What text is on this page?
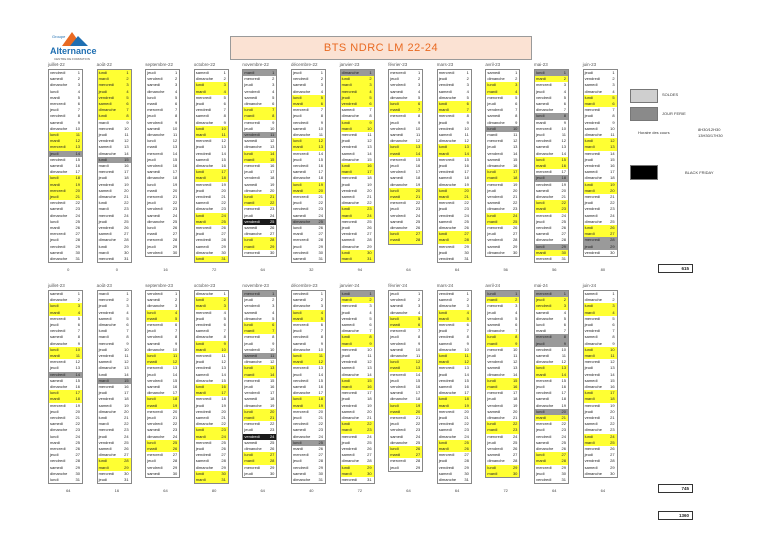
Groupe
Alternance
CENTRE DE FORMATION
BTS NDRC LM 22-24
juillet-22
vendredi	1
samedi	2
dimanche	3
lundi	4
mardi	5
mercredi	6
jeudi	7
vendredi	8
samedi	9
dimanche 10
lundi	11
mardi	12
mercredi 13
jeudi	14
vendredi	15
samedi	16
dimanche 17
lundi	18
mardi	19
mercredi 20
jeudi	21
vendredi	22
samedi	23
dimanche 24
lundi	25
mardi	26
mercredi 27
jeudi	28
vendredi	29
samedi	30
dimanche 31
0
août-22
lundi	1
mardi	2
mercredi	3
jeudi	4
vendredi	5
samedi	6
dimanche	7
lundi	8
mardi	9
mercredi 10
jeudi	11
vendredi	12
samedi	13
dimanche 14
lundi	15
mardi	16
mercredi 17
jeudi	18
vendredi	19
samedi	20
dimanche 21
lundi	22
mardi	23
mercredi 24
jeudi	25
vendredi	26
samedi	27
dimanche 28
lundi	29
mardi	30
mercredi 31
0
septembre-22
jeudi	1
vendredi	2
samedi	3
dimanche	4
lundi	5
mardi	6
mercredi	7
jeudi	8
vendredi	9
samedi	10
dimanche 11
lundi	12
mardi	13
mercredi 14
jeudi	15
vendredi	16
samedi	17
dimanche 18
lundi	19
mardi	20
mercredi 21
jeudi	22
vendredi	23
samedi	24
dimanche 25
lundi	26
mardi	27
mercredi 28
jeudi	29
vendredi	30
16
octobre-22
samedi	1
dimanche	2
lundi	3
mardi	4
mercredi	5
jeudi	6
vendredi	7
samedi	8
dimanche	9
lundi	10
mardi	11
mercredi 12
jeudi	13
vendredi	14
samedi	15
dimanche 16
lundi	17
mardi	18
mercredi 19
jeudi	20
vendredi	21
samedi	22
dimanche 23
lundi	24
mardi	25
mercredi 26
jeudi	27
vendredi	28
samedi	29
dimanche 30
lundi	31
72
novembre-22
mardi	1
mercredi	2
jeudi	3
vendredi	4
samedi	5
dimanche	6
lundi	7
mardi	8
mercredi	9
jeudi	10
vendredi	11
samedi	12
dimanche 13
lundi	14
mardi	15
mercredi 16
jeudi	17
vendredi	18
samedi	19
dimanche 20
lundi	21
mardi	22
mercredi 23
jeudi	24
vendredi	25
samedi	26
dimanche 27
lundi	28
mardi	29
mercredi 30
64
décembre-22
jeudi	1
vendredi	2
samedi	3
dimanche	4
lundi	5
mardi	6
mercredi	7
jeudi	8
vendredi	9
samedi	10
dimanche 11
lundi	12
mardi	13
mercredi 14
jeudi	15
vendredi	16
samedi	17
dimanche 18
lundi	19
mardi	20
mercredi 21
jeudi	22
vendredi	23
samedi	24
dimanche 25
lundi	26
mardi	27
mercredi 28
jeudi	29
vendredi	30
samedi	31
32
janvier-23
dimanche	1
lundi	2
mardi	3
mercredi	4
jeudi	5
vendredi	6
samedi	7
dimanche	8
lundi	9
mardi	10
mercredi	11
jeudi	12
vendredi	13
samedi	14
dimanche 15
lundi	16
mardi	17
mercredi 18
jeudi	19
vendredi	20
samedi	21
dimanche 22
lundi	23
mardi	24
mercredi 25
jeudi	26
vendredi	27
samedi	28
dimanche 29
lundi	30
mardi	31
94
février-23
mercredi	1
jeudi	2
vendredi	3
samedi	4
dimanche	5
lundi	6
mardi	7
mercredi	8
jeudi	9
vendredi	10
samedi	11
dimanche 12
lundi	13
mardi	14
mercredi 15
jeudi	16
vendredi	17
samedi	18
dimanche 19
lundi	20
mardi	21
mercredi 22
jeudi	23
vendredi	24
samedi	25
dimanche 26
lundi	27
mardi	28
64
mars-23
mercredi	1
jeudi	2
vendredi	3
samedi	4
dimanche	5
lundi	6
mardi	7
mercredi	8
jeudi	9
vendredi	10
samedi	11
dimanche 12
lundi	13
mardi	14
mercredi 15
jeudi	16
vendredi	17
samedi	18
dimanche 19
lundi	20
mardi	21
mercredi 22
jeudi	23
vendredi	24
samedi	25
dimanche 26
lundi	27
mardi	28
mercredi 29
jeudi	30
vendredi	31
64
avril-23
samedi	1
dimanche	2
lundi	3
mardi	4
mercredi	5
jeudi	6
vendredi	7
samedi	8
dimanche	9
lundi	10
mardi	11
mercredi 12
jeudi	13
vendredi	14
samedi	15
dimanche 16
lundi	17
mardi	18
mercredi 19
jeudi	20
vendredi	21
samedi	22
dimanche 23
lundi	24
mardi	25
mercredi 26
jeudi	27
vendredi	28
samedi	29
dimanche 30
56
mai-23
lundi	1
mardi	2
mercredi	3
jeudi	4
vendredi	5
samedi	6
dimanche	7
lundi	8
mardi	9
mercredi 10
jeudi	11
vendredi	12
samedi	13
dimanche 14
lundi	15
mardi	16
mercredi 17
jeudi	18
vendredi	19
samedi	20
dimanche 21
lundi	22
mardi	23
mercredi 24
jeudi	25
vendredi	26
samedi	27
dimanche 28
lundi	29
mardi	30
mercredi 31
56
juin-23
jeudi	1
vendredi	2
samedi	3
dimanche	4
lundi	5
mardi	6
mercredi	7
jeudi	8
vendredi	9
samedi	10
dimanche 11
lundi	12
mardi	13
mercredi 14
jeudi	15
vendredi	16
samedi	17
dimanche 18
lundi	19
mardi	20
mercredi 21
jeudi	22
vendredi	23
samedi	24
dimanche 25
lundi	26
mardi	27
mercredi 28
jeudi	29
vendredi	30
80
juillet-23
samedi	1
dimanche	2
lundi	3
mardi	4
mercredi	5
jeudi	6
vendredi	7
samedi	8
dimanche	9
lundi	10
mardi	11
mercredi 12
jeudi	13
vendredi	14
samedi	15
dimanche 16
lundi	17
mardi	18
mercredi 19
jeudi	20
vendredi	21
samedi	22
dimanche 23
lundi	24
mardi	25
mercredi 26
jeudi	27
vendredi	28
samedi	29
dimanche 30
lundi	31
64
août-23
mardi	1
mercredi	2
jeudi	3
vendredi	4
samedi	5
dimanche	6
lundi	7
mardi	8
mercredi	9
jeudi	10
vendredi	11
samedi	12
dimanche 13
lundi	14
mardi	15
mercredi 16
jeudi	17
vendredi	18
samedi	19
dimanche 20
lundi	21
mardi	22
mercredi 23
jeudi	24
vendredi	25
samedi	26
dimanche 27
lundi	28
mardi	29
mercredi 30
jeudi	31
16
septembre-23
vendredi	1
samedi	2
dimanche	3
lundi	4
mardi	5
mercredi	6
jeudi	7
vendredi	8
samedi	9
dimanche 10
lundi	11
mardi	12
mercredi 13
jeudi	14
vendredi	15
samedi	16
dimanche 17
lundi	18
mardi	19
mercredi 20
jeudi	21
vendredi	22
samedi	23
dimanche 24
lundi	25
mardi	26
mercredi 27
jeudi	28
vendredi	29
samedi	30
64
octobre-23
dimanche	1
lundi	2
mardi	3
mercredi	4
jeudi	5
vendredi	6
samedi	7
dimanche	8
lundi	9
mardi	10
mercredi	11
jeudi	12
vendredi	13
samedi	14
dimanche 15
lundi	16
mardi	17
mercredi 18
jeudi	19
vendredi	20
samedi	21
dimanche 22
lundi	23
mardi	24
mercredi 25
jeudi	26
vendredi	27
samedi	28
dimanche 29
lundi	30
mardi	31
80
novembre-23
mercredi	1
jeudi	2
vendredi	3
samedi	4
dimanche	5
lundi	6
mardi	7
mercredi	8
jeudi	9
vendredi	10
samedi	11
dimanche 12
lundi	13
mardi	14
mercredi 15
jeudi	16
vendredi	17
samedi	18
dimanche 19
lundi	20
mardi	21
mercredi 22
jeudi	23
vendredi	24
samedi	25
dimanche 26
lundi	27
mardi	28
mercredi 29
jeudi	30
64
décembre-23
vendredi	1
samedi	2
dimanche	3
lundi	4
mardi	5
mercredi	6
jeudi	7
vendredi	8
samedi	9
dimanche 10
lundi	11
mardi	12
mercredi 13
jeudi	14
vendredi	15
samedi	16
dimanche 17
lundi	18
mardi	19
mercredi 20
jeudi	21
vendredi	22
samedi	23
dimanche 24
lundi	25
mardi	26
mercredi 27
jeudi	28
vendredi	29
samedi	30
dimanche 31
40
janvier-24
lundi	1
mardi	2
mercredi	3
jeudi	4
vendredi	5
samedi	6
dimanche	7
lundi	8
mardi	9
mercredi 10
jeudi	11
vendredi	12
samedi	13
dimanche 14
lundi	15
mardi	16
mercredi 17
jeudi	18
vendredi	19
samedi	20
dimanche 21
lundi	22
mardi	23
mercredi 24
jeudi	25
vendredi	26
samedi	27
dimanche 28
lundi	29
mardi	30
mercredi 31
72
février-24
jeudi	1
vendredi	2
samedi	3
dimanche	4
lundi	5
mardi	6
mercredi	7
jeudi	8
vendredi	9
samedi	10
dimanche 11
lundi	12
mardi	13
mercredi 14
jeudi	15
vendredi	16
samedi	17
dimanche 18
lundi	19
mardi	20
mercredi 21
jeudi	22
vendredi	23
samedi	24
dimanche 25
lundi	26
mardi	27
mercredi 28
jeudi	29
64
mars-24
vendredi	1
samedi	2
dimanche	3
lundi	4
mardi	5
mercredi	6
jeudi	7
vendredi	8
samedi	9
dimanche 10
lundi	11
mardi	12
mercredi 13
jeudi	14
vendredi	15
samedi	16
dimanche 17
lundi	18
mardi	19
mercredi 20
jeudi	21
vendredi	22
samedi	23
dimanche 24
lundi	25
mardi	26
mercredi 27
jeudi	28
vendredi	29
samedi	30
dimanche 31
64
avril-24
lundi	1
mardi	2
mercredi	3
jeudi	4
vendredi	5
samedi	6
dimanche	7
lundi	8
mardi	9
mercredi 10
jeudi	11
vendredi	12
samedi	13
dimanche 14
lundi	15
mardi	16
mercredi 17
jeudi	18
vendredi	19
samedi	20
dimanche 21
lundi	22
mardi	23
mercredi 24
jeudi	25
vendredi	26
samedi	27
dimanche 28
lundi	29
mardi	30
72
mai-24
mercredi	1
jeudi	2
vendredi	3
samedi	4
dimanche	5
lundi	6
mardi	7
mercredi	8
jeudi	9
vendredi	10
samedi	11
dimanche 12
lundi	13
mardi	14
mercredi 15
jeudi	16
vendredi	17
samedi	18
dimanche 19
lundi	20
mardi	21
mercredi 22
jeudi	23
vendredi	24
samedi	25
dimanche 26
lundi	27
mardi	28
mercredi 29
jeudi	30
vendredi	31
64
juin-24
samedi	1
dimanche	2
lundi	3
mardi	4
mercredi	5
jeudi	6
vendredi	7
samedi	8
dimanche	9
lundi	10
mardi	11
mercredi 12
jeudi	13
vendredi	14
samedi	15
dimanche 16
lundi	17
mardi	18
mercredi 19
jeudi	20
vendredi	21
samedi	22
dimanche 23
lundi	24
mardi	25
mercredi 26
jeudi	27
vendredi	28
samedi	29
dimanche 30
64
SOLDES
JOUR FERIE
Horaire des cours
8H30/12H30
13H30/17H30
BLACK FRIDAY
615
745
1360
